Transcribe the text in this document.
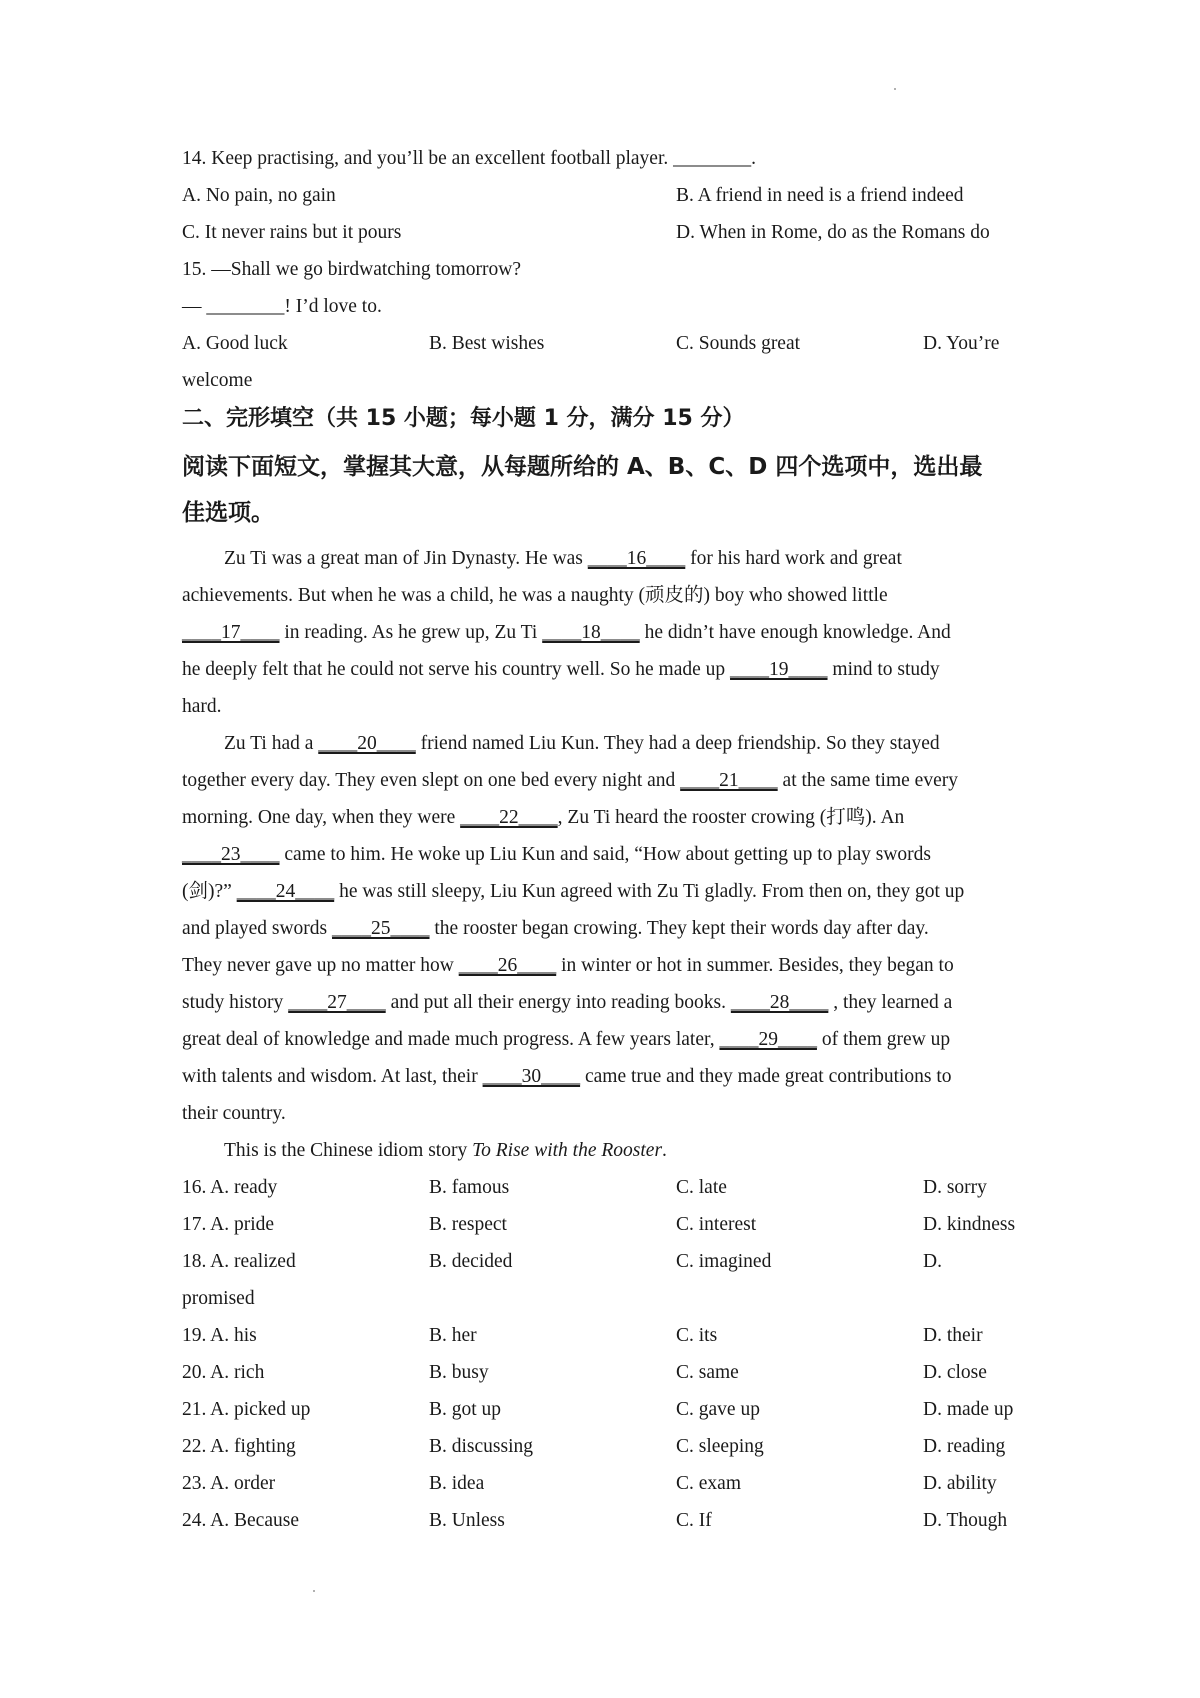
14. Keep practising, and you’ll be an excellent football player. ________.
A. No pain, no gain	B. A friend in need is a friend indeed
C. It never rains but it pours	D. When in Rome, do as the Romans do
15. —Shall we go birdwatching tomorrow?
— ________! I’d love to.
A. Good luck	B. Best wishes	C. Sounds great	D. You’re
welcome
二、完形填空（共 15 小题；每小题 1 分，满分 15 分）
阅读下面短文，掌握其大意，从每题所给的 A、B、C、D 四个选项中，选出最
佳选项。
Zu Ti was a great man of Jin Dynasty. He was ____16____ for his hard work and great
achievements. But when he was a child, he was a naughty (顽皮的) boy who showed little
____17____ in reading. As he grew up, Zu Ti ____18____ he didn’t have enough knowledge. And
he deeply felt that he could not serve his country well. So he made up ____19____ mind to study
hard.
Zu Ti had a ____20____ friend named Liu Kun. They had a deep friendship. So they stayed
together every day. They even slept on one bed every night and ____21____ at the same time every
morning. One day, when they were ____22____, Zu Ti heard the rooster crowing (打鸣). An
____23____ came to him. He woke up Liu Kun and said, “How about getting up to play swords
(剑)?” ____24____ he was still sleepy, Liu Kun agreed with Zu Ti gladly. From then on, they got up
and played swords ____25____ the rooster began crowing. They kept their words day after day.
They never gave up no matter how ____26____ in winter or hot in summer. Besides, they began to
study history ____27____ and put all their energy into reading books. ____28____ , they learned a
great deal of knowledge and made much progress. A few years later, ____29____ of them grew up
with talents and wisdom. At last, their ____30____ came true and they made great contributions to
their country.
This is the Chinese idiom story To Rise with the Rooster.
16. A. ready	B. famous	C. late	D. sorry
17. A. pride	B. respect	C. interest	D. kindness
18. A. realized	B. decided	C. imagined	D.
promised
19. A. his	B. her	C. its	D. their
20. A. rich	B. busy	C. same	D. close
21. A. picked up	B. got up	C. gave up	D. made up
22. A. fighting	B. discussing	C. sleeping	D. reading
23. A. order	B. idea	C. exam	D. ability
24. A. Because	B. Unless	C. If	D. Though
